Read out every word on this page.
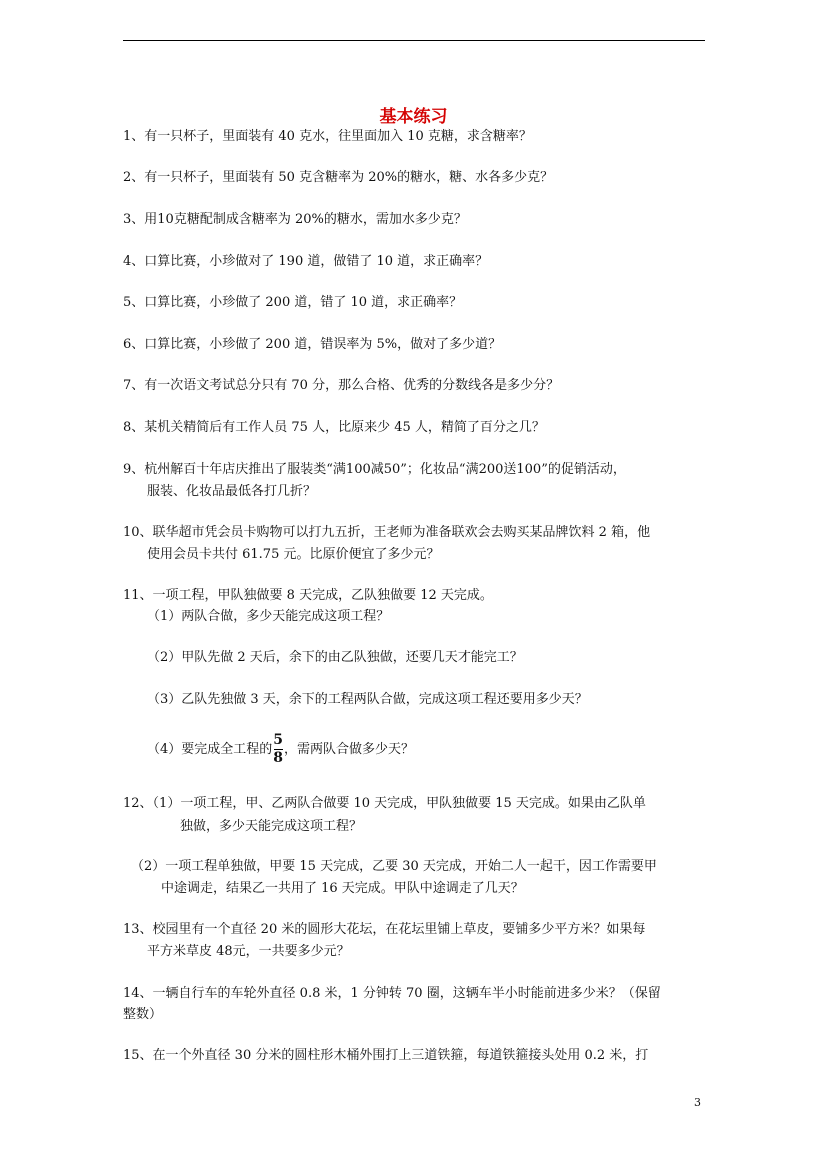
基本练习
1、有一只杯子，里面装有 40 克水，往里面加入 10 克糖，求含糖率？
2、有一只杯子，里面装有 50 克含糖率为 20%的糖水，糖、水各多少克？
3、用10克糖配制成含糖率为 20%的糖水，需加水多少克？
4、口算比赛，小珍做对了 190 道，做错了 10 道，求正确率？
5、口算比赛，小珍做了 200 道，错了 10 道，求正确率？
6、口算比赛，小珍做了 200 道，错误率为 5%，做对了多少道？
7、有一次语文考试总分只有 70 分，那么合格、优秀的分数线各是多少分？
8、某机关精简后有工作人员 75 人，比原来少 45 人，精简了百分之几？
9、杭州解百十年店庆推出了服装类“满100减50”；化妆品“满200送100”的促销活动，
服装、化妆品最低各打几折？
10、联华超市凭会员卡购物可以打九五折，王老师为准备联欢会去购买某品牌饮料 2 箱，他
使用会员卡共付 61.75 元。比原价便宜了多少元？
11、一项工程，甲队独做要 8 天完成，乙队独做要 12 天完成。
（1）两队合做，多少天能完成这项工程？
（2）甲队先做 2 天后，余下的由乙队独做，还要几天才能完工？
（3）乙队先独做 3 天，余下的工程两队合做，完成这项工程还要用多少天？
（4）要完成全工程的 $\frac{5}{8}$ ，需两队合做多少天？
12、（1）一项工程，甲、乙两队合做要 10 天完成，甲队独做要 15 天完成。如果由乙队单
独做，多少天能完成这项工程？
（2）一项工程单独做，甲要 15 天完成，乙要 30 天完成，开始二人一起干，因工作需要甲
中途调走，结果乙一共用了 16 天完成。甲队中途调走了几天？
13、校园里有一个直径 20 米的圆形大花坛，在花坛里铺上草皮，要铺多少平方米？如果每
平方米草皮 48元，一共要多少元？
14、一辆自行车的车轮外直径 0.8 米，1 分钟转 70 圈，这辆车半小时能前进多少米？（保留
整数）
15、在一个外直径 30 分米的圆柱形木桶外围打上三道铁箍，每道铁箍接头处用 0.2 米，打
3
